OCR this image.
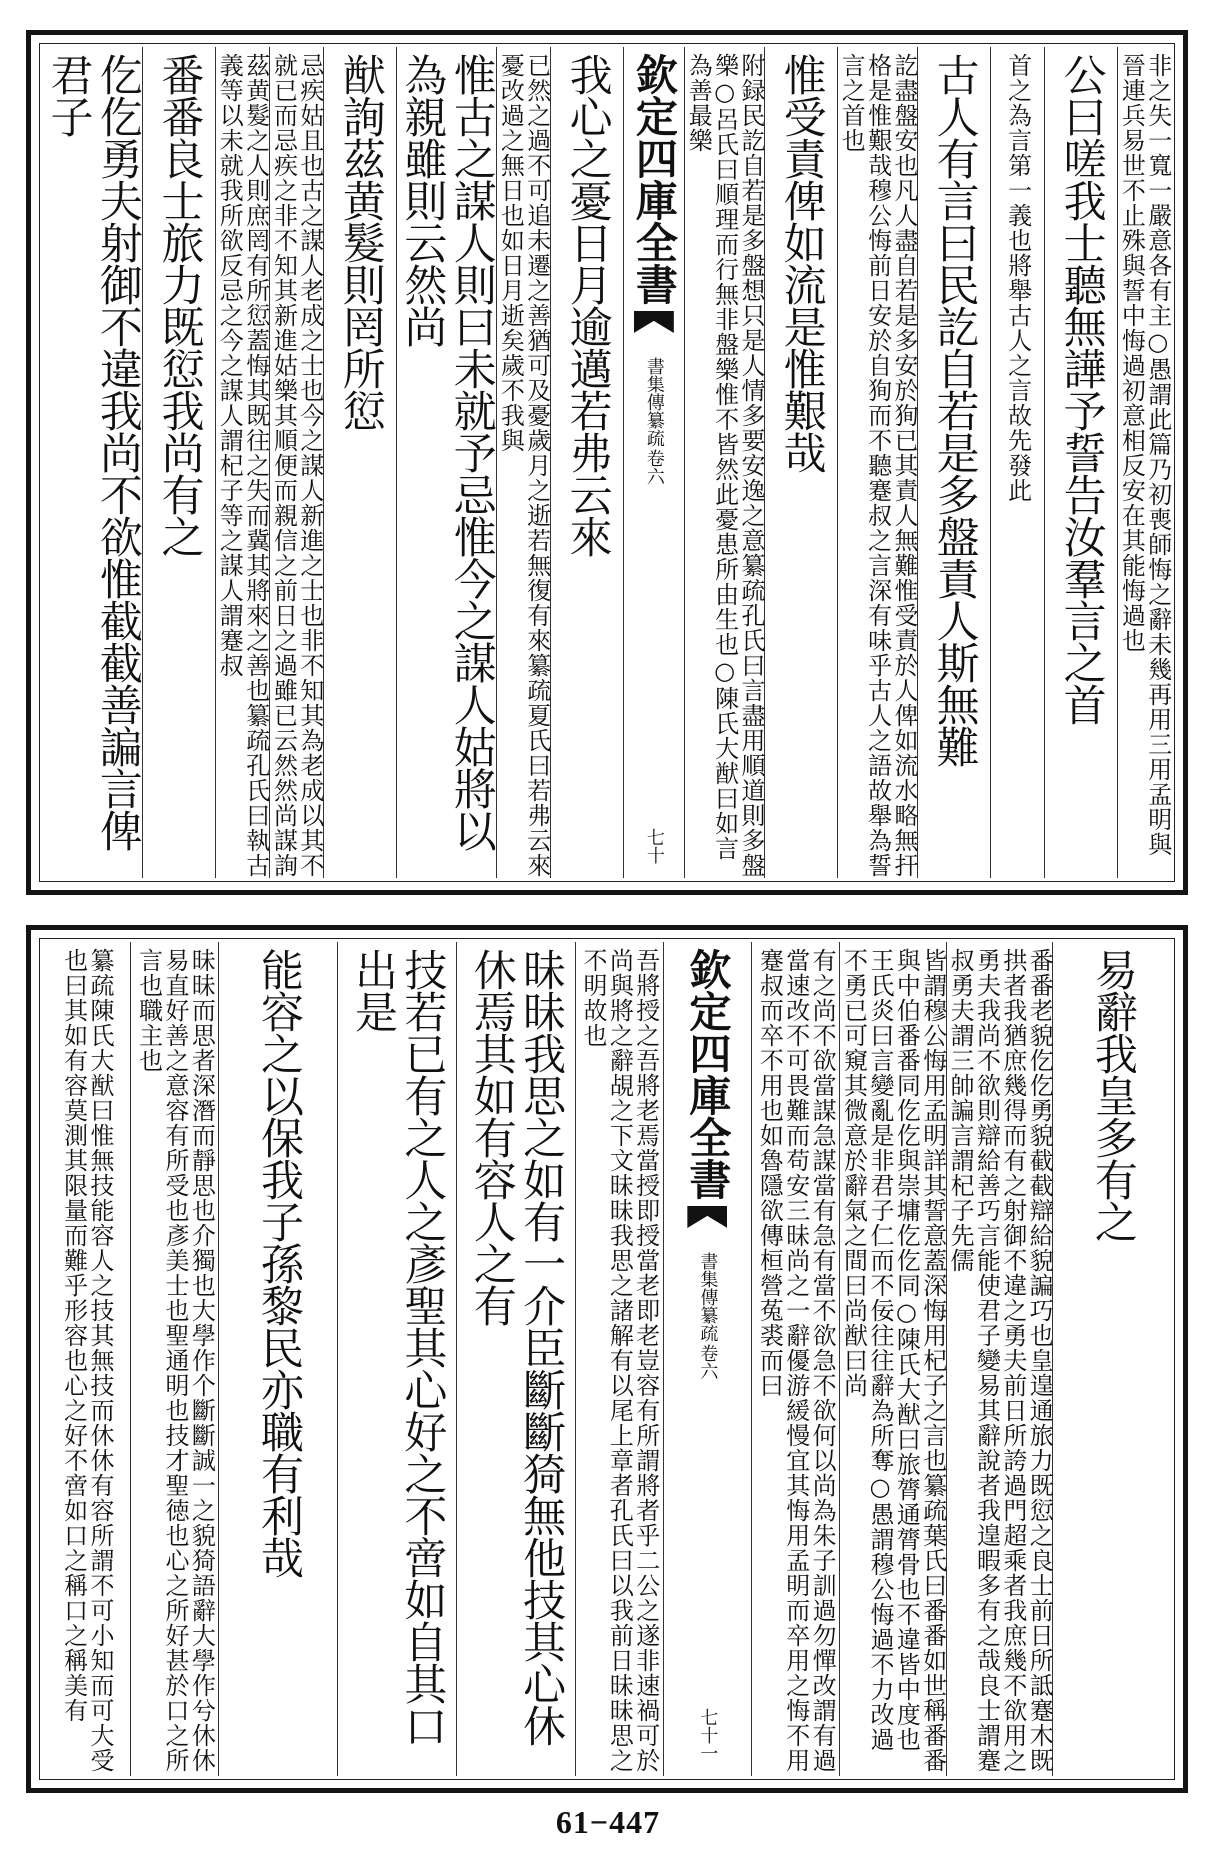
非之失一寬一嚴意各有主○愚謂此篇乃初喪師悔之辭未幾再用三用孟明與晉連兵易世不止殊與誓中悔過初意相反安在其能悔過也
公曰嗟我士聽無譁予誓告汝羣言之首
首之為言第一義也將舉古人之言故先發此
古人有言曰民訖自若是多盤責人斯無難
訖盡盤安也凡人盡自若是多安於狥已其責人無難惟受責於人俾如流水略無扞格是惟艱哉穆公悔前日安於自狥而不聽蹇叔之言深有味乎古人之語故舉為誓言之首也
惟受責俾如流是惟艱哉
附録民訖自若是多盤想只是人情多要安逸之意纂疏孔氏曰言盡用順道則多盤樂○呂氏曰順理而行無非盤樂惟不皆然此憂患所由生也○陳氏大猷曰如言為善最樂
欽定四庫全書
書集傳纂疏
卷六
七十
我心之憂日月逾邁若弗云來
已然之過不可追未遷之善猶可及憂歲月之逝若無復有來纂疏夏氏曰若弗云來憂改過之無日也如日月逝矣歲不我與
惟古之謀人則曰未就予忌惟今之謀人姑將以為親雖則云然尚
猷詢茲黄髮則罔所愆
忌疾姑且也古之謀人老成之士也今之謀人新進之士也非不知其為老成以其不就已而忌疾之非不知其新進姑樂其順便而親信之前日之過雖已云然然尚謀詢
茲黄髮之人則庶罔有所愆蓋悔其既往之失而冀其將來之善也纂疏孔氏曰執古義等以未就我所欲反忌之今之謀人謂杞子等之謀人謂蹇叔
番番良士旅力既愆我尚有之
仡仡勇夫射御不違我尚不欲惟截截善諞言俾君子
易辭我皇多有之
番番老貌仡仡勇貌截截辯給貌諞巧也皇遑通旅力既愆之良士前日所詆蹇木既拱者我猶庶幾得而有之射御不違之勇夫前日所誇過門超乘者我庶幾不欲用之勇夫我尚不欲則辯給善巧言能使君子變易其辭說者我遑暇多有之哉良士謂蹇叔勇夫謂三帥諞言謂杞子先儒
皆謂穆公悔用孟明詳其誓意蓋深悔用杞子之言也纂疏葉氏曰番番如世稱番番與中伯番番同仡仡與崇墉仡仡同○陳氏大猷曰旅膂通膂骨也不違皆中度也王氏炎曰言變亂是非君子仁而不佞往往辭為所奪○愚謂穆公悔過不力改過不勇已可窺其微意於辭氣之間曰尚猷曰尚
有之尚不欲當謀急謀當有急有當不欲急不欲何以尚為朱子訓過勿憚改謂有過當速改不可畏難而苟安三昧尚之一辭優游緩慢宜其悔用孟明而卒用之悔不用蹇叔而卒不用也如魯隱欲傳桓營菟裘而曰
欽定四庫全書
書集傳纂疏
卷六
七十一
吾將授之吾將老焉當授即授當老即老豈容有所謂將者乎二公之遂非速禍可於尚與將之辭覘之下文昧昧我思之諸解有以尾上章者孔氏曰以我前日昧昧思之不明故也
昧昧我思之如有一介臣斷斷猗無他技其心休休焉其如有容人之有
技若已有之人之彥聖其心好之不啻如自其口出是
能容之以保我子孫黎民亦職有利哉
昧昧而思者深潛而靜思也介獨也大學作个斷斷誠一之貌猗語辭大學作兮休休易直好善之意容有所受也彥美士也聖通明也技才聖徳也心之所好甚於口之所言也職主也
纂疏陳氏大猷曰惟無技能容人之技其無技而休休有容所謂不可小知而可大受也曰其如有容莫測其限量而難乎形容也心之好不啻如口之稱口之稱美有
61−447
